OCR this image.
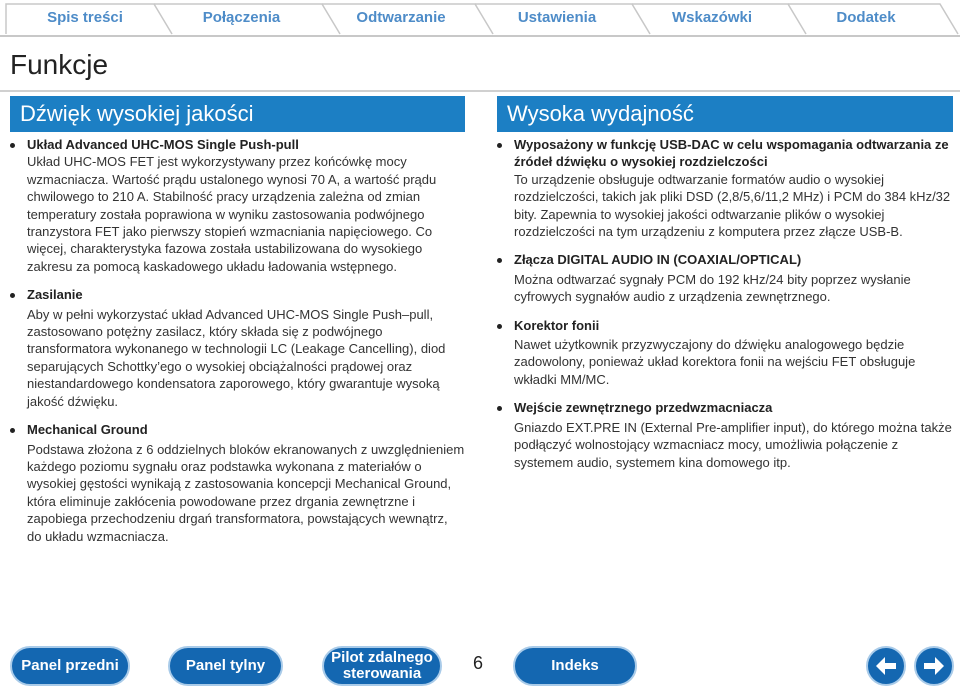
Spis treści	Połączenia	Odtwarzanie	Ustawienia	Wskazówki	Dodatek
Funkcje
Dźwięk wysokiej jakości	Wysoka wydajność
Układ Advanced UHC-MOS Single Push-pull
Układ UHC-MOS FET jest wykorzystywany przez końcówkę mocy wzmacniacza. Wartość prądu ustalonego wynosi 70 A, a wartość prądu chwilowego to 210 A. Stabilność pracy urządzenia zależna od zmian temperatury została poprawiona w wyniku zastosowania podwójnego tranzystora FET jako pierwszy stopień wzmacniania napięciowego. Co więcej, charakterystyka fazowa została ustabilizowana do wysokiego zakresu za pomocą kaskadowego układu ładowania wstępnego.
Zasilanie
Aby w pełni wykorzystać układ Advanced UHC-MOS Single Push–pull, zastosowano potężny zasilacz, który składa się z podwójnego transformatora wykonanego w technologii LC (Leakage Cancelling), diod separujących Schottky’ego o wysokiej obciążalności prądowej oraz niestandardowego kondensatora zaporowego, który gwarantuje wysoką jakość dźwięku.
Mechanical Ground
Podstawa złożona z 6 oddzielnych bloków ekranowanych z uwzględnieniem każdego poziomu sygnału oraz podstawka wykonana z materiałów o wysokiej gęstości wynikają z zastosowania koncepcji Mechanical Ground, która eliminuje zakłócenia powodowane przez drgania zewnętrzne i zapobiega przechodzeniu drgań transformatora, powstających wewnątrz, do układu wzmacniacza.
Wyposażony w funkcję USB-DAC w celu wspomagania odtwarzania ze źródeł dźwięku o wysokiej rozdzielczości
To urządzenie obsługuje odtwarzanie formatów audio o wysokiej rozdzielczości, takich jak pliki DSD (2,8/5,6/11,2 MHz) i PCM do 384 kHz/32 bity. Zapewnia to wysokiej jakości odtwarzanie plików o wysokiej rozdzielczości na tym urządzeniu z komputera przez złącze USB-B.
Złącza DIGITAL AUDIO IN (COAXIAL/OPTICAL)
Można odtwarzać sygnały PCM do 192 kHz/24 bity poprzez wysłanie cyfrowych sygnałów audio z urządzenia zewnętrznego.
Korektor fonii
Nawet użytkownik przyzwyczajony do dźwięku analogowego będzie zadowolony, ponieważ układ korektora fonii na wejściu FET obsługuje wkładki MM/MC.
Wejście zewnętrznego przedwzmacniacza
Gniazdo EXT.PRE IN (External Pre-amplifier input), do którego można także podłączyć wolnostojący wzmacniacz mocy, umożliwia połączenie z systemem audio, systemem kina domowego itp.
Panel przedni	Panel tylny	Pilot zdalnego
sterowania
6	Indeks
